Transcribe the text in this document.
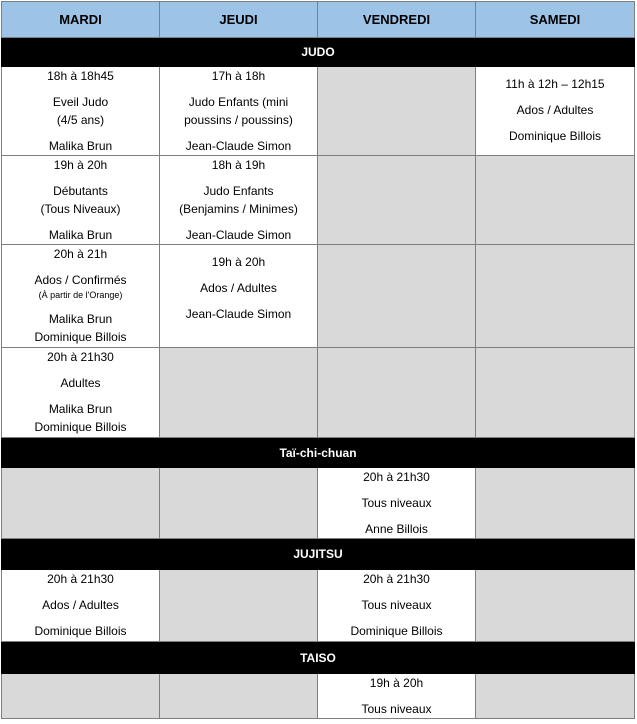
MARDI	JEUDI	VENDREDI	SAMEDI
JUDO			

18h à 18h45
Eveil Judo
(4/5 ans)
Malika Brun	17h à 18h
Judo Enfants (mini
poussins / poussins)
Jean-Claude Simon		11h à 12h – 12h15
Ados / Adultes
Dominique Billois

19h à 20h
Débutants
(Tous Niveaux)
Malika Brun	18h à 19h
Judo Enfants
(Benjamins / Minimes)
Jean-Claude Simon		

20h à 21h
Ados / Confirmés
(À partir de l'Orange)
Malika Brun
Dominique Billois	19h à 20h
Ados / Adultes
Jean-Claude Simon		

20h à 21h30
Adultes
Malika Brun
Dominique Billois			

Taï-chi-chuan			

		20h à 21h30
Tous niveaux
Anne Billois	

JUJITSU			

20h à 21h30
Ados / Adultes
Dominique Billois		20h à 21h30
Tous niveaux
Dominique Billois	

TAISO			

		19h à 20h
Tous niveaux	
